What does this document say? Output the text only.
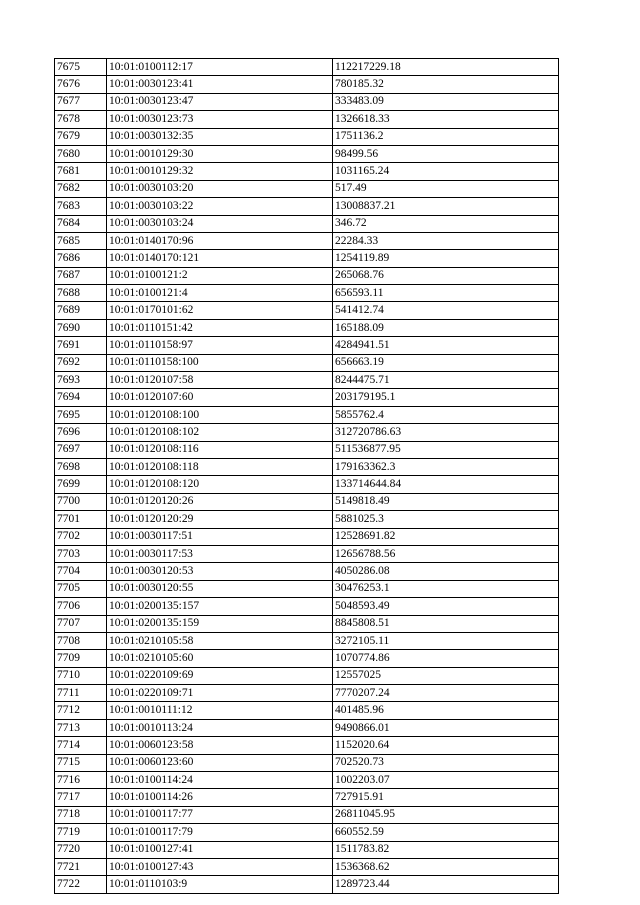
7675	10:01:0100112:17	112217229.18
7676	10:01:0030123:41	780185.32
7677	10:01:0030123:47	333483.09
7678	10:01:0030123:73	1326618.33
7679	10:01:0030132:35	1751136.2
7680	10:01:0010129:30	98499.56
7681	10:01:0010129:32	1031165.24
7682	10:01:0030103:20	517.49
7683	10:01:0030103:22	13008837.21
7684	10:01:0030103:24	346.72
7685	10:01:0140170:96	22284.33
7686	10:01:0140170:121	1254119.89
7687	10:01:0100121:2	265068.76
7688	10:01:0100121:4	656593.11
7689	10:01:0170101:62	541412.74
7690	10:01:0110151:42	165188.09
7691	10:01:0110158:97	4284941.51
7692	10:01:0110158:100	656663.19
7693	10:01:0120107:58	8244475.71
7694	10:01:0120107:60	203179195.1
7695	10:01:0120108:100	5855762.4
7696	10:01:0120108:102	312720786.63
7697	10:01:0120108:116	511536877.95
7698	10:01:0120108:118	179163362.3
7699	10:01:0120108:120	133714644.84
7700	10:01:0120120:26	5149818.49
7701	10:01:0120120:29	5881025.3
7702	10:01:0030117:51	12528691.82
7703	10:01:0030117:53	12656788.56
7704	10:01:0030120:53	4050286.08
7705	10:01:0030120:55	30476253.1
7706	10:01:0200135:157	5048593.49
7707	10:01:0200135:159	8845808.51
7708	10:01:0210105:58	3272105.11
7709	10:01:0210105:60	1070774.86
7710	10:01:0220109:69	12557025
7711	10:01:0220109:71	7770207.24
7712	10:01:0010111:12	401485.96
7713	10:01:0010113:24	9490866.01
7714	10:01:0060123:58	1152020.64
7715	10:01:0060123:60	702520.73
7716	10:01:0100114:24	1002203.07
7717	10:01:0100114:26	727915.91
7718	10:01:0100117:77	26811045.95
7719	10:01:0100117:79	660552.59
7720	10:01:0100127:41	1511783.82
7721	10:01:0100127:43	1536368.62
7722	10:01:0110103:9	1289723.44
